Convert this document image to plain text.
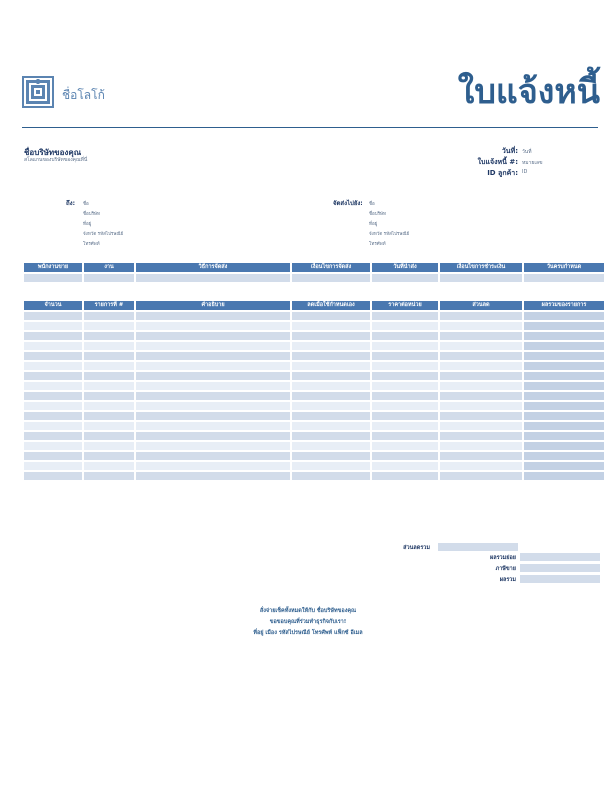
ชื่อโลโก้	ใบแจ้งหนี้
ชื่อบริษัทของคุณ
สโลแกนของบริษัทของคุณที่นี่
วันที่: วันที่
ใบแจ้งหนี้ #: หมายเลข
ID ลูกค้า: ID
ถึง: ชื่อ
ชื่อบริษัท
ที่อยู่
จังหวัด รหัสไปรษณีย์
โทรศัพท์
จัดส่งไปยัง: ชื่อ
ชื่อบริษัท
ที่อยู่
จังหวัด รหัสไปรษณีย์
โทรศัพท์
พนักงานขาย	งาน	วิธีการจัดส่ง	เงื่อนไขการจัดส่ง	วันที่นำส่ง	เงื่อนไขการชำระเงิน	วันครบกำหนด
จำนวน	รายการที่ #	คำอธิบาย	ลดเมื่อใช้กำหนดเอง	ราคาต่อหน่วย	ส่วนลด	ผลรวมของรายการ
ส่วนลดรวม
ผลรวมย่อย
ภาษีขาย
ผลรวม
สั่งจ่ายเช็คทั้งหมดให้กับ ชื่อบริษัทของคุณ
ขอขอบคุณที่ร่วมทำธุรกิจกับเรา!
ที่อยู่ เมือง รหัสไปรษณีย์ โทรศัพท์ แฟ็กซ์ อีเมล
